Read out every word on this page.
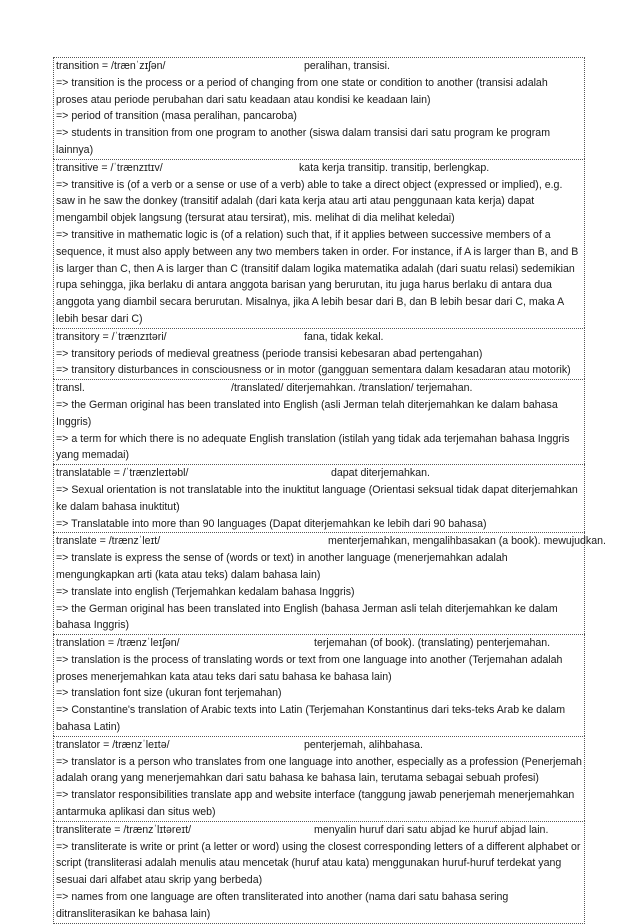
transition = /trænˈzɪʃən/	peralihan, transisi.
=> transition is the process or a period of changing from one state or condition to another (transisi adalah proses atau periode perubahan dari satu keadaan atau kondisi ke keadaan lain)
=> period of transition (masa peralihan, pancaroba)
=> students in transition from one program to another (siswa dalam transisi dari satu program ke program lainnya)
transitive = /ˈtrænzɪtɪv/	kata kerja transitip. transitip, berlengkap.
=> transitive is (of a verb or a sense or use of a verb) able to take a direct object (expressed or implied), e.g. saw in he saw the donkey (transitif adalah (dari kata kerja atau arti atau penggunaan kata kerja) dapat mengambil objek langsung (tersurat atau tersirat), mis. melihat di dia melihat keledai)
=> transitive in mathematic logic is (of a relation) such that, if it applies between successive members of a sequence, it must also apply between any two members taken in order. For instance, if A is larger than B, and B is larger than C, then A is larger than C (transitif dalam logika matematika adalah (dari suatu relasi) sedemikian rupa sehingga, jika berlaku di antara anggota barisan yang berurutan, itu juga harus berlaku di antara dua anggota yang diambil secara berurutan. Misalnya, jika A lebih besar dari B, dan B lebih besar dari C, maka A lebih besar dari C)
transitory = /ˈtrænzɪtəri/	fana, tidak kekal.
=> transitory periods of medieval greatness (periode transisi kebesaran abad pertengahan)
=> transitory disturbances in consciousness or in motor (gangguan sementara dalam kesadaran atau motorik)
transl.	/translated/ diterjemahkan. /translation/ terjemahan.
=> the German original has been translated into English (asli Jerman telah diterjemahkan ke dalam bahasa Inggris)
=> a term for which there is no adequate English translation (istilah yang tidak ada terjemahan bahasa Inggris yang memadai)
translatable = /ˈtrænzleɪtəbl/	dapat diterjemahkan.
=> Sexual orientation is not translatable into the inuktitut language (Orientasi seksual tidak dapat diterjemahkan ke dalam bahasa inuktitut)
=> Translatable into more than 90 languages (Dapat diterjemahkan ke lebih dari 90 bahasa)
translate = /trænzˈleɪt/	menterjemahkan, mengalihbasakan (a book). mewujudkan.
=> translate is express the sense of (words or text) in another language (menerjemahkan adalah mengungkapkan arti (kata atau teks) dalam bahasa lain)
=> translate into english (Terjemahkan kedalam bahasa Inggris)
=> the German original has been translated into English (bahasa Jerman asli telah diterjemahkan ke dalam bahasa Inggris)
translation = /trænzˈleɪʃən/	terjemahan (of book). (translating) penterjemahan.
=> translation is the process of translating words or text from one language into another (Terjemahan adalah proses menerjemahkan kata atau teks dari satu bahasa ke bahasa lain)
=> translation font size (ukuran font terjemahan)
=> Constantine's translation of Arabic texts into Latin (Terjemahan Konstantinus dari teks-teks Arab ke dalam bahasa Latin)
translator = /trænzˈleɪtə/	penterjemah, alihbahasa.
=> translator is a person who translates from one language into another, especially as a profession (Penerjemah adalah orang yang menerjemahkan dari satu bahasa ke bahasa lain, terutama sebagai sebuah profesi)
=> translator responsibilities translate app and website interface (tanggung jawab penerjemah menerjemahkan antarmuka aplikasi dan situs web)
transliterate = /trænzˈlɪtəreɪt/	menyalin huruf dari satu abjad ke huruf abjad lain.
=> transliterate is write or print (a letter or word) using the closest corresponding letters of a different alphabet or script (transliterasi adalah menulis atau mencetak (huruf atau kata) menggunakan huruf-huruf terdekat yang sesuai dari alfabet atau skrip yang berbeda)
=> names from one language are often transliterated into another (nama dari satu bahasa sering ditransliterasikan ke bahasa lain)
